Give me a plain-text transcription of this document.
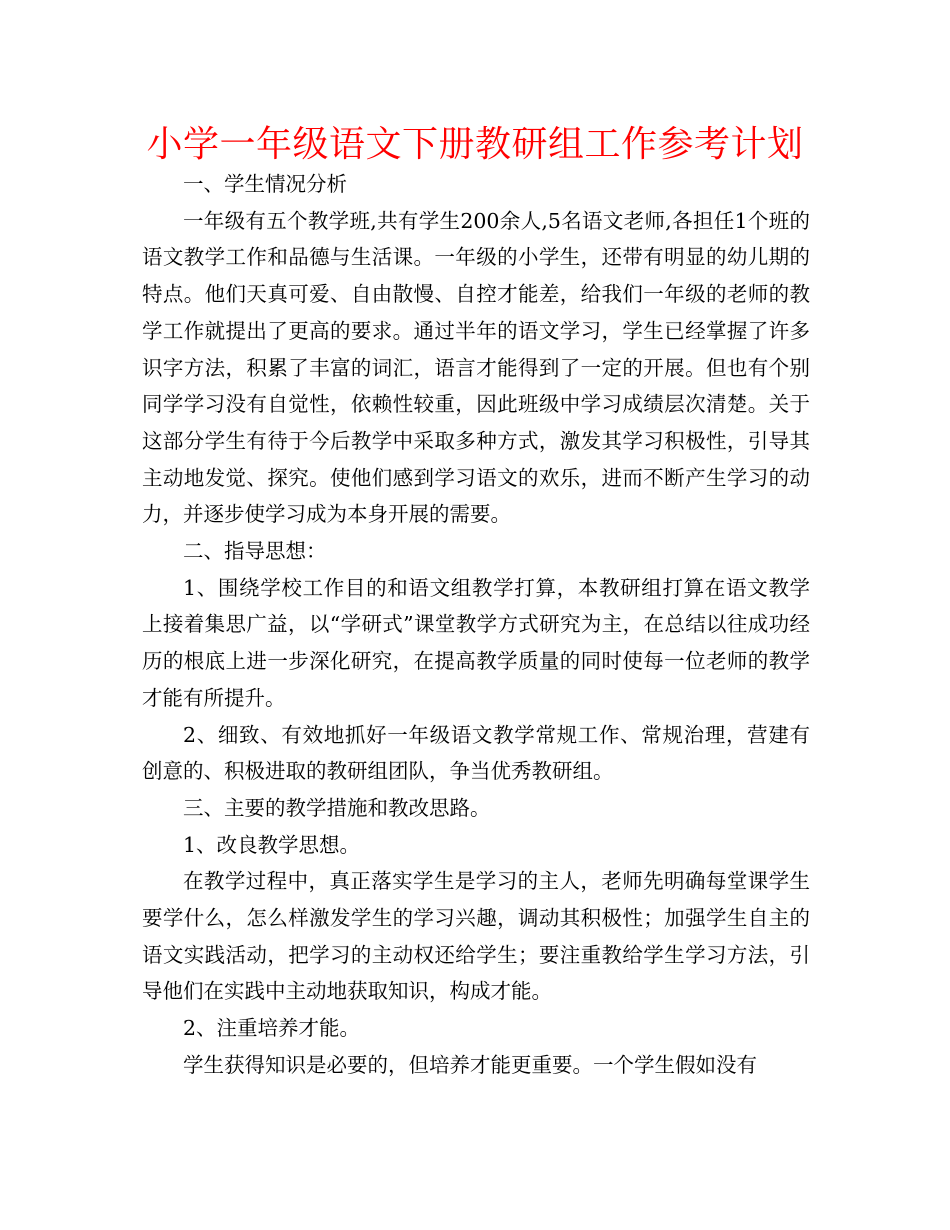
小学一年级语文下册教研组工作参考计划

一、学生情况分析

一年级有五个教学班,共有学生200余人,5名语文老师,各担任1个班的语文教学工作和品德与生活课。一年级的小学生，还带有明显的幼儿期的特点。他们天真可爱、自由散慢、自控才能差，给我们一年级的老师的教学工作就提出了更高的要求。通过半年的语文学习，学生已经掌握了许多识字方法，积累了丰富的词汇，语言才能得到了一定的开展。但也有个别同学学习没有自觉性，依赖性较重，因此班级中学习成绩层次清楚。关于这部分学生有待于今后教学中采取多种方式，激发其学习积极性，引导其主动地发觉、探究。使他们感到学习语文的欢乐，进而不断产生学习的动力，并逐步使学习成为本身开展的需要。

二、指导思想：

1、围绕学校工作目的和语文组教学打算，本教研组打算在语文教学上接着集思广益，以“学研式”课堂教学方式研究为主，在总结以往成功经历的根底上进一步深化研究，在提高教学质量的同时使每一位老师的教学才能有所提升。

2、细致、有效地抓好一年级语文教学常规工作、常规治理，营建有创意的、积极进取的教研组团队，争当优秀教研组。

三、主要的教学措施和教改思路。

1、改良教学思想。

在教学过程中，真正落实学生是学习的主人，老师先明确每堂课学生要学什么，怎么样激发学生的学习兴趣，调动其积极性；加强学生自主的语文实践活动，把学习的主动权还给学生；要注重教给学生学习方法，引导他们在实践中主动地获取知识，构成才能。

2、注重培养才能。

学生获得知识是必要的，但培养才能更重要。一个学生假如没有
